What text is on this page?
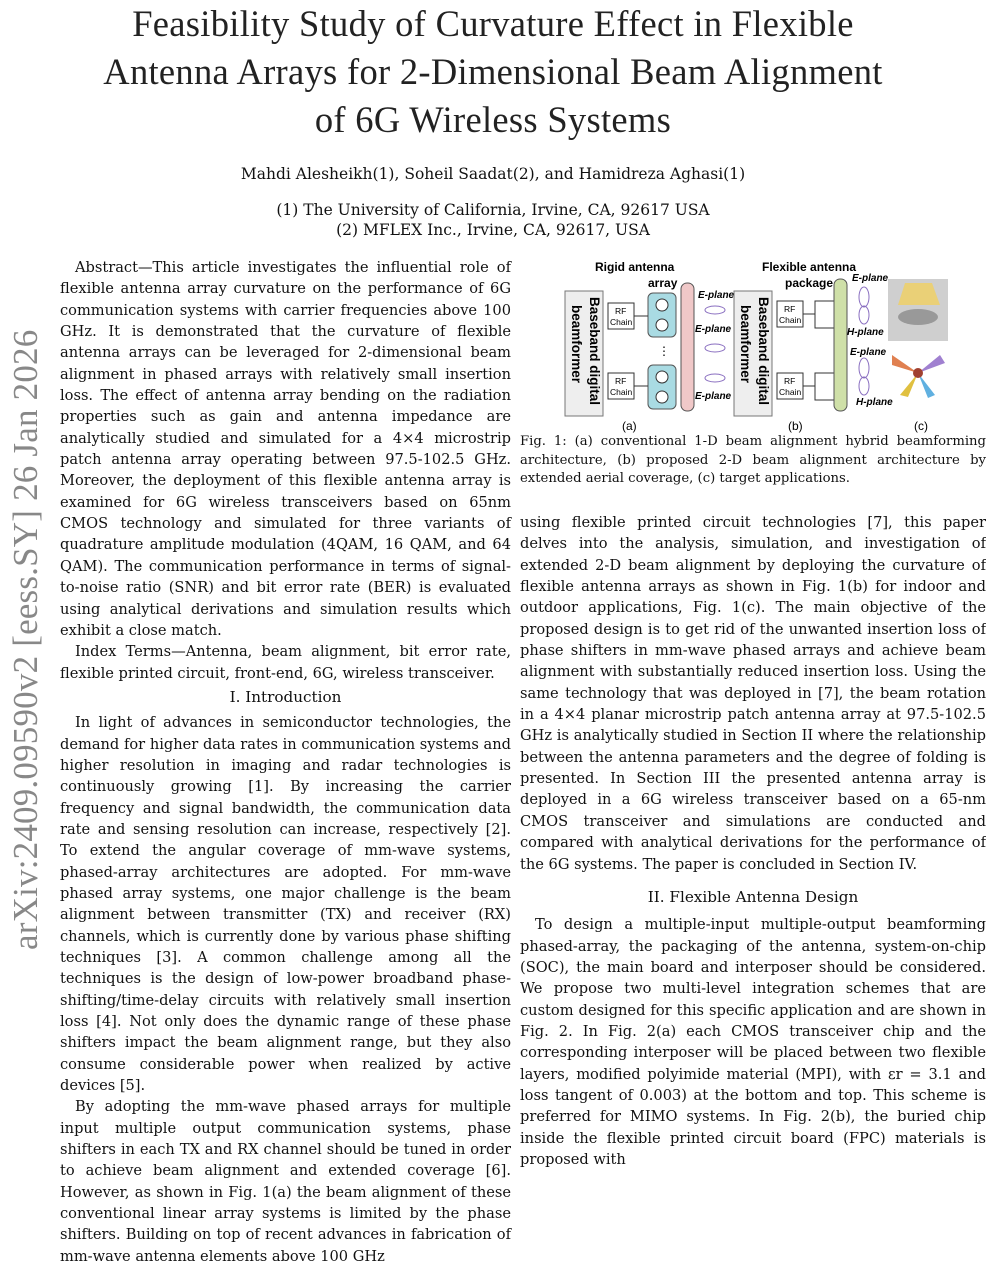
Feasibility Study of Curvature Effect in Flexible
Antenna Arrays for 2-Dimensional Beam Alignment
of 6G Wireless Systems
Mahdi Alesheikh(1), Soheil Saadat(2), and Hamidreza Aghasi(1)
(1) The University of California, Irvine, CA, 92617 USA
(2) MFLEX Inc., Irvine, CA, 92617, USA
arXiv:2409.09590v2 [eess.SY] 26 Jan 2026

Abstract—This article investigates the influential role of flexible antenna array curvature on the performance of 6G communication systems with carrier frequencies above 100 GHz. It is demonstrated that the curvature of flexible antenna arrays can be leveraged for 2-dimensional beam alignment in phased arrays with relatively small insertion loss. The effect of antenna array bending on the radiation properties such as gain and antenna impedance are analytically studied and simulated for a 4×4 microstrip patch antenna array operating between 97.5-102.5 GHz. Moreover, the deployment of this flexible antenna array is examined for 6G wireless transceivers based on 65nm CMOS technology and simulated for three variants of quadrature amplitude modulation (4QAM, 16 QAM, and 64 QAM). The communication performance in terms of signal-to-noise ratio (SNR) and bit error rate (BER) is evaluated using analytical derivations and simulation results which exhibit a close match.

Index Terms—Antenna, beam alignment, bit error rate, flexible printed circuit, front-end, 6G, wireless transceiver.

I. Introduction

In light of advances in semiconductor technologies, the demand for higher data rates in communication systems and higher resolution in imaging and radar technologies is continuously growing [1]. By increasing the carrier frequency and signal bandwidth, the communication data rate and sensing resolution can increase, respectively [2]. To extend the angular coverage of mm-wave systems, phased-array architectures are adopted. For mm-wave phased array systems, one major challenge is the beam alignment between transmitter (TX) and receiver (RX) channels, which is currently done by various phase shifting techniques [3]. A common challenge among all the techniques is the design of low-power broadband phase-shifting/time-delay circuits with relatively small insertion loss [4]. Not only does the dynamic range of these phase shifters impact the beam alignment range, but they also consume considerable power when realized by active devices [5].

By adopting the mm-wave phased arrays for multiple input multiple output communication systems, phase shifters in each TX and RX channel should be tuned in order to achieve beam alignment and extended coverage [6]. However, as shown in Fig. 1(a) the beam alignment of these conventional linear array systems is limited by the phase shifters. Building on top of recent advances in fabrication of mm-wave antenna elements above 100 GHz

Rigid antenna
array
Baseband digital
beamformer	RF
Chain
RF
Chain
⋮
E-plane
E-plane
E-plane
(a)
Flexible antenna
package
Baseband digital
beamformer	RF
Chain
RF
Chain
E-plane
H-plane
E-plane
H-plane
(b)	(c)
Fig. 1: (a) conventional 1-D beam alignment hybrid beamforming architecture, (b) proposed 2-D beam alignment architecture by extended aerial coverage, (c) target applications.

using flexible printed circuit technologies [7], this paper delves into the analysis, simulation, and investigation of extended 2-D beam alignment by deploying the curvature of flexible antenna arrays as shown in Fig. 1(b) for indoor and outdoor applications, Fig. 1(c). The main objective of the proposed design is to get rid of the unwanted insertion loss of phase shifters in mm-wave phased arrays and achieve beam alignment with substantially reduced insertion loss. Using the same technology that was deployed in [7], the beam rotation in a 4×4 planar microstrip patch antenna array at 97.5-102.5 GHz is analytically studied in Section II where the relationship between the antenna parameters and the degree of folding is presented. In Section III the presented antenna array is deployed in a 6G wireless transceiver based on a 65-nm CMOS transceiver and simulations are conducted and compared with analytical derivations for the performance of the 6G systems. The paper is concluded in Section IV.

II. Flexible Antenna Design

To design a multiple-input multiple-output beamforming phased-array, the packaging of the antenna, system-on-chip (SOC), the main board and interposer should be considered. We propose two multi-level integration schemes that are custom designed for this specific application and are shown in Fig. 2. In Fig. 2(a) each CMOS transceiver chip and the corresponding interposer will be placed between two flexible layers, modified polyimide material (MPI), with εr = 3.1 and loss tangent of 0.003) at the bottom and top. This scheme is preferred for MIMO systems. In Fig. 2(b), the buried chip inside the flexible printed circuit board (FPC) materials is proposed with
